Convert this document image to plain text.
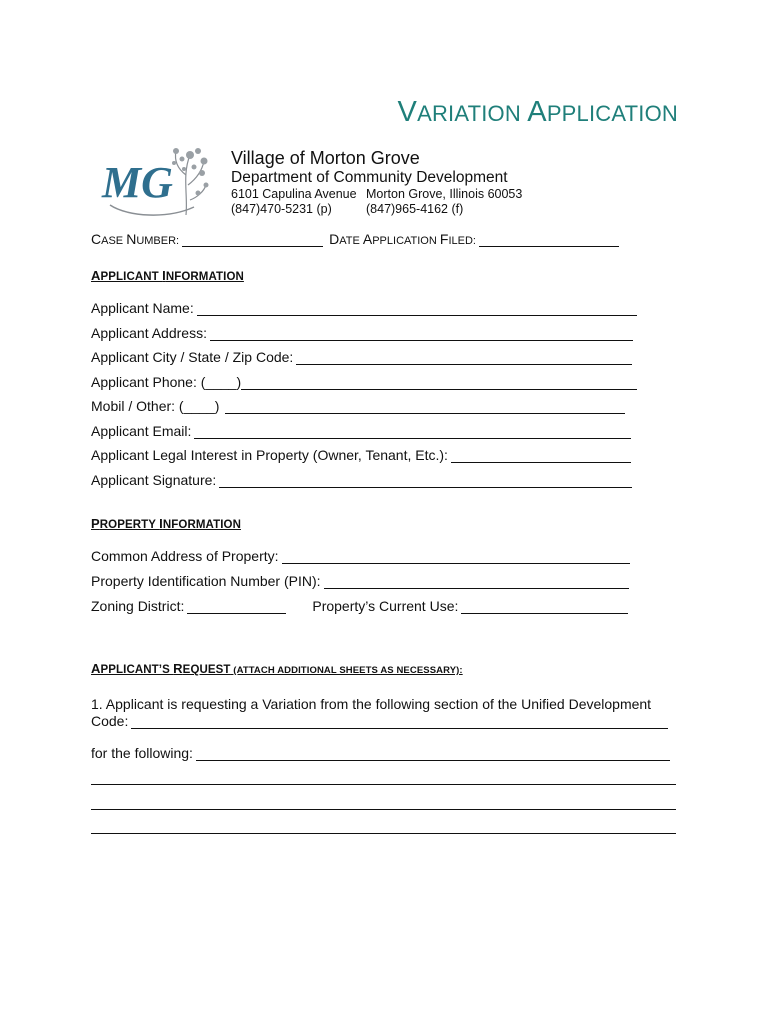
VARIATION APPLICATION
MG	Village of Morton Grove
Department of Community Development
6101 Capulina Avenue Morton Grove, Illinois 60053
(847)470-5231 (p)	(847)965-4162 (f)
CASE NUMBER:	DATE APPLICATION FILED:
APPLICANT INFORMATION
Applicant Name:
Applicant Address:
Applicant City / State / Zip Code:
Applicant Phone: (____)
Mobil / Other: (____)
Applicant Email:
Applicant Legal Interest in Property (Owner, Tenant, Etc.):
Applicant Signature:
PROPERTY INFORMATION
Common Address of Property:
Property Identification Number (PIN):
Zoning District:	Property’s Current Use:
APPLICANT’S REQUEST (ATTACH ADDITIONAL SHEETS AS NECESSARY):
1. Applicant is requesting a Variation from the following section of the Unified Development
Code:
for the following:
